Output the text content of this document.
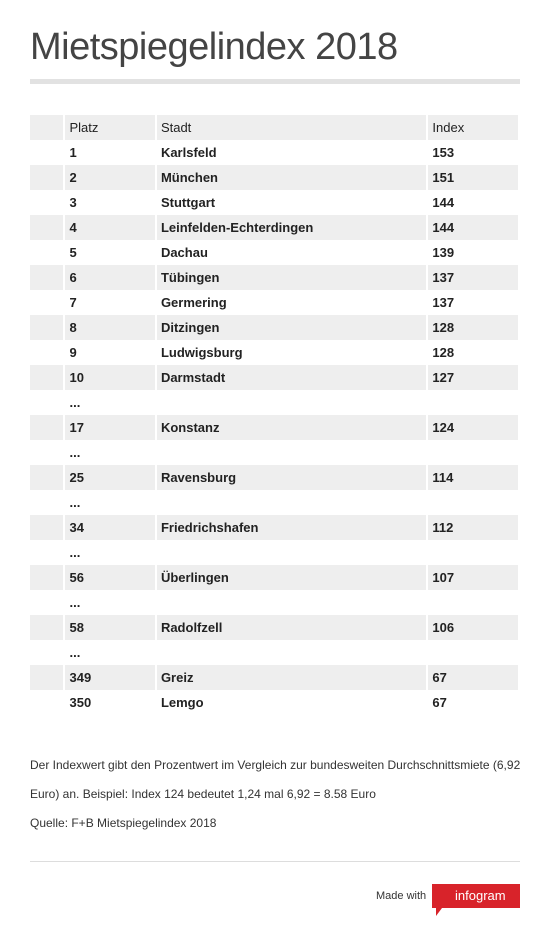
Mietspiegelindex 2018
	Platz	Stadt	Index
	1	Karlsfeld	153
	2	München	151
	3	Stuttgart	144
	4	Leinfelden-Echterdingen	144
	5	Dachau	139
	6	Tübingen	137
	7	Germering	137
	8	Ditzingen	128
	9	Ludwigsburg	128
	10	Darmstadt	127
	...		
	17	Konstanz	124
	...		
	25	Ravensburg	114
	...		
	34	Friedrichshafen	112
	...		
	56	Überlingen	107
	...		
	58	Radolfzell	106
	...		
	349	Greiz	67
	350	Lemgo	67

Der Indexwert gibt den Prozentwert im Vergleich zur bundesweiten Durchschnittsmiete (6,92

Euro) an. Beispiel: Index 124 bedeutet 1,24 mal 6,92 = 8.58 Euro

Quelle: F+B Mietspiegelindex 2018

Made with infogram
